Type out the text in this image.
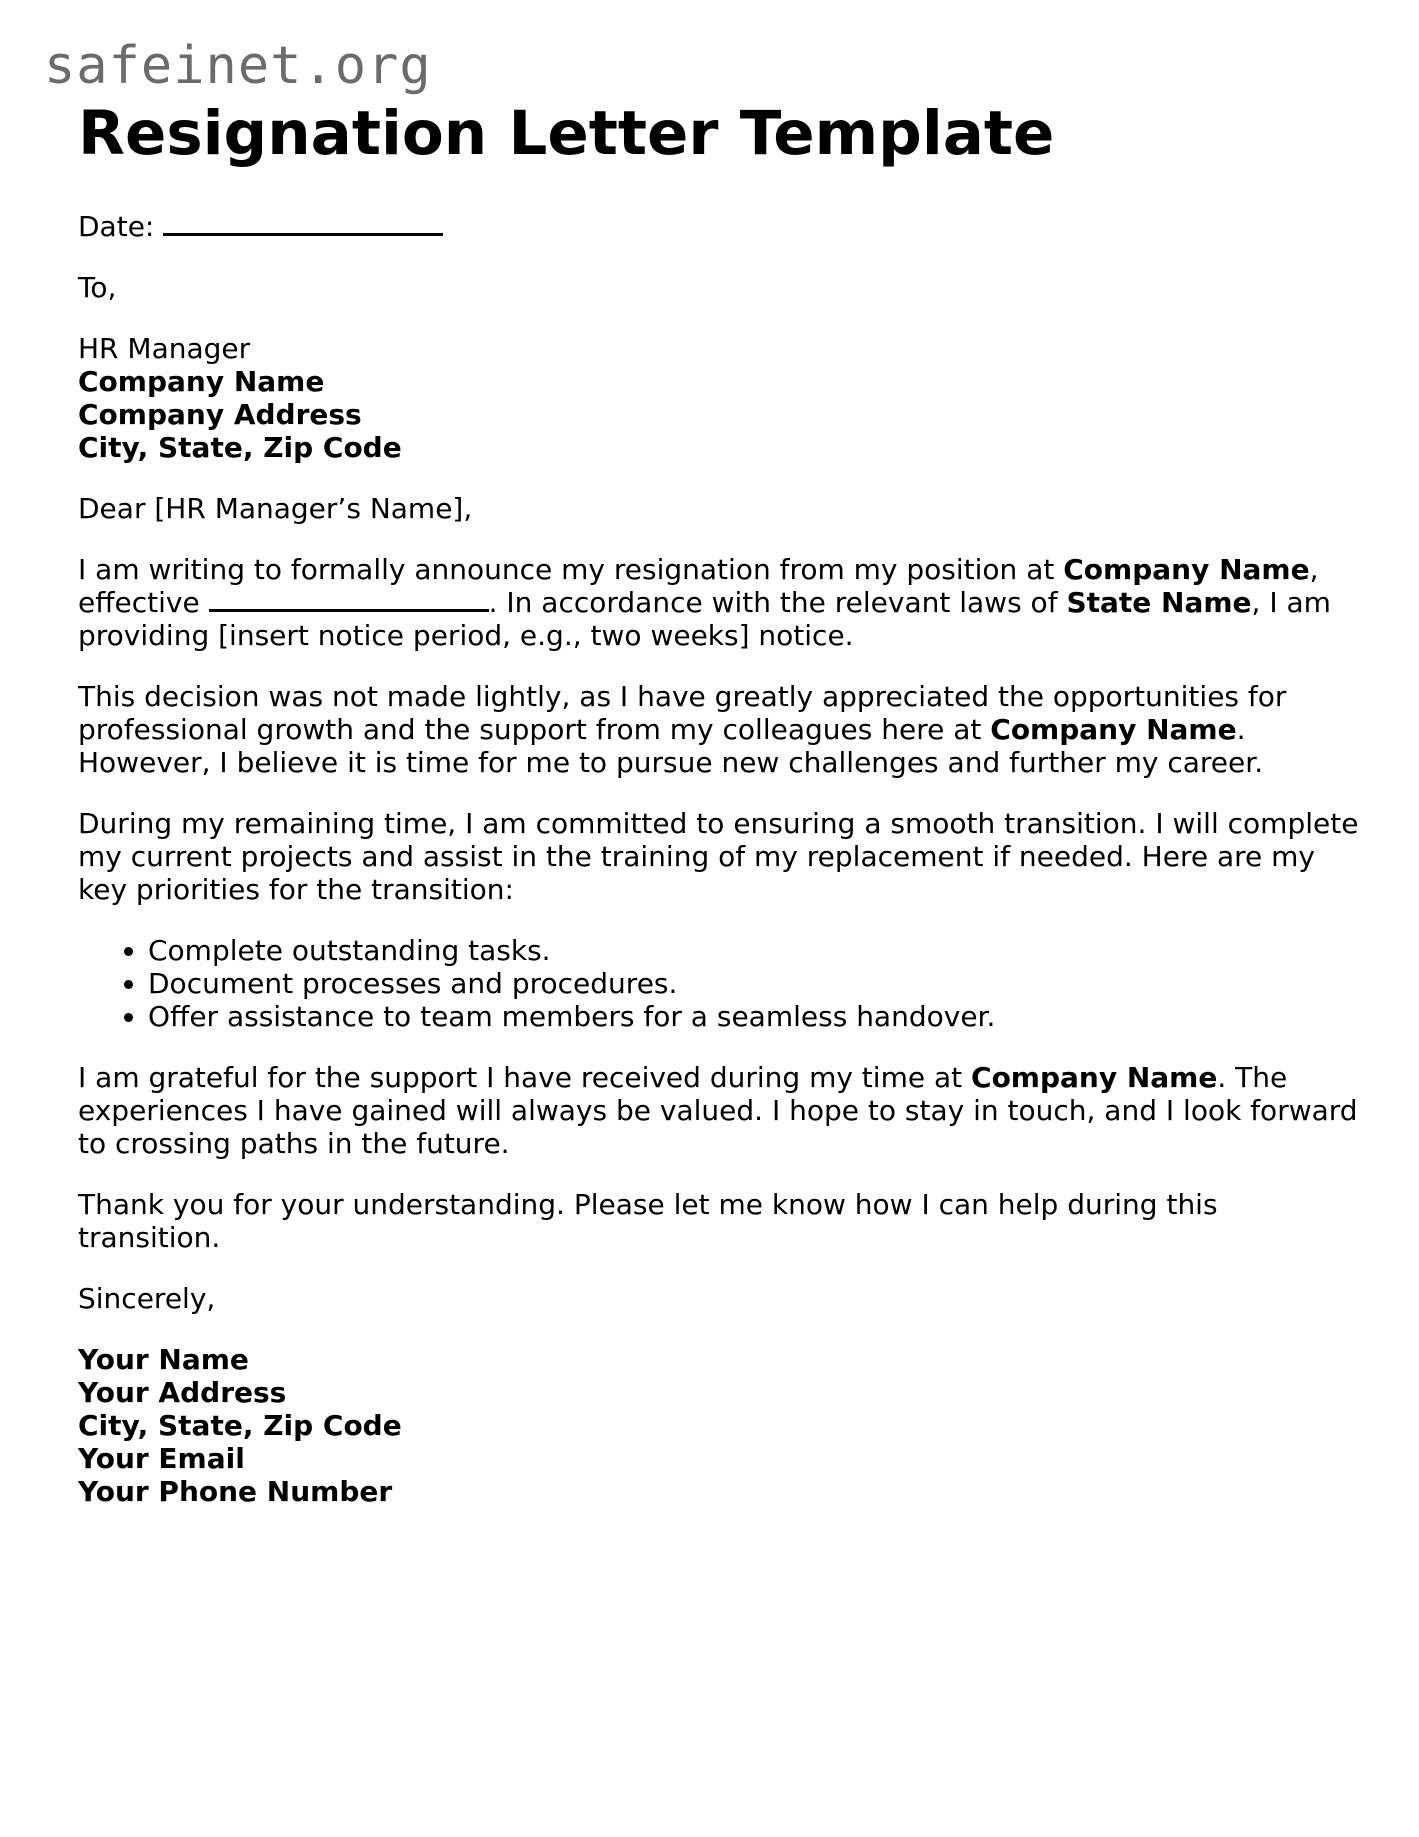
safeinet.org
Resignation Letter Template

Date:

To,

HR Manager
Company Name
Company Address
City, State, Zip Code

Dear [HR Manager’s Name],

I am writing to formally announce my resignation from my position at Company Name, effective	. In accordance with the relevant laws of State Name, I am providing [insert notice period, e.g., two weeks] notice.

This decision was not made lightly, as I have greatly appreciated the opportunities for professional growth and the support from my colleagues here at Company Name. However, I believe it is time for me to pursue new challenges and further my career.

During my remaining time, I am committed to ensuring a smooth transition. I will complete my current projects and assist in the training of my replacement if needed. Here are my key priorities for the transition:

• Complete outstanding tasks.
• Document processes and procedures.
• Offer assistance to team members for a seamless handover.

I am grateful for the support I have received during my time at Company Name. The experiences I have gained will always be valued. I hope to stay in touch, and I look forward to crossing paths in the future.

Thank you for your understanding. Please let me know how I can help during this transition.

Sincerely,

Your Name
Your Address
City, State, Zip Code
Your Email
Your Phone Number
